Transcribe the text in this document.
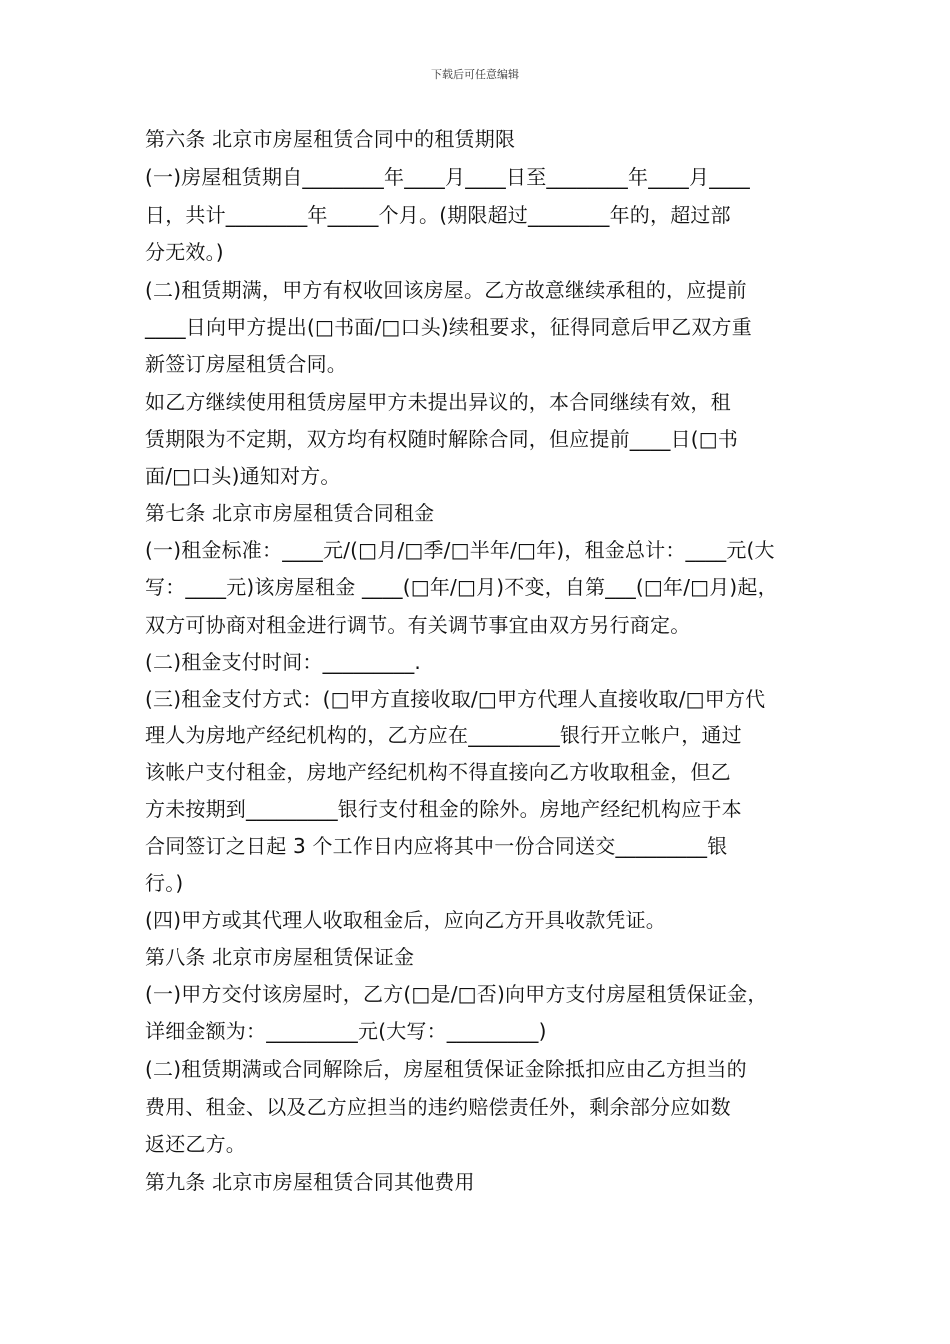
下载后可任意编辑
第六条 北京市房屋租赁合同中的租赁期限
(一)房屋租赁期自________年____月____日至________年____月____
日，共计________年_____个月。(期限超过________年的，超过部
分无效。)
(二)租赁期满，甲方有权收回该房屋。乙方故意继续承租的，应提前
____日向甲方提出(□书面/□口头)续租要求，征得同意后甲乙双方重
新签订房屋租赁合同。
如乙方继续使用租赁房屋甲方未提出异议的，本合同继续有效，租
赁期限为不定期，双方均有权随时解除合同，但应提前____日(□书
面/□口头)通知对方。
第七条 北京市房屋租赁合同租金
(一)租金标准：____元/(□月/□季/□半年/□年)，租金总计：____元(大
写：____元)该房屋租金 ____(□年/□月)不变，自第___(□年/□月)起，
双方可协商对租金进行调节。有关调节事宜由双方另行商定。
(二)租金支付时间：_________.
(三)租金支付方式：(□甲方直接收取/□甲方代理人直接收取/□甲方代
理人为房地产经纪机构的，乙方应在_________银行开立帐户，通过
该帐户支付租金，房地产经纪机构不得直接向乙方收取租金，但乙
方未按期到_________银行支付租金的除外。房地产经纪机构应于本
合同签订之日起 3 个工作日内应将其中一份合同送交_________银
行。)
(四)甲方或其代理人收取租金后，应向乙方开具收款凭证。
第八条 北京市房屋租赁保证金
(一)甲方交付该房屋时，乙方(□是/□否)向甲方支付房屋租赁保证金，
详细金额为：_________元(大写：_________)
(二)租赁期满或合同解除后，房屋租赁保证金除抵扣应由乙方担当的
费用、租金、以及乙方应担当的违约赔偿责任外，剩余部分应如数
返还乙方。
第九条 北京市房屋租赁合同其他费用
